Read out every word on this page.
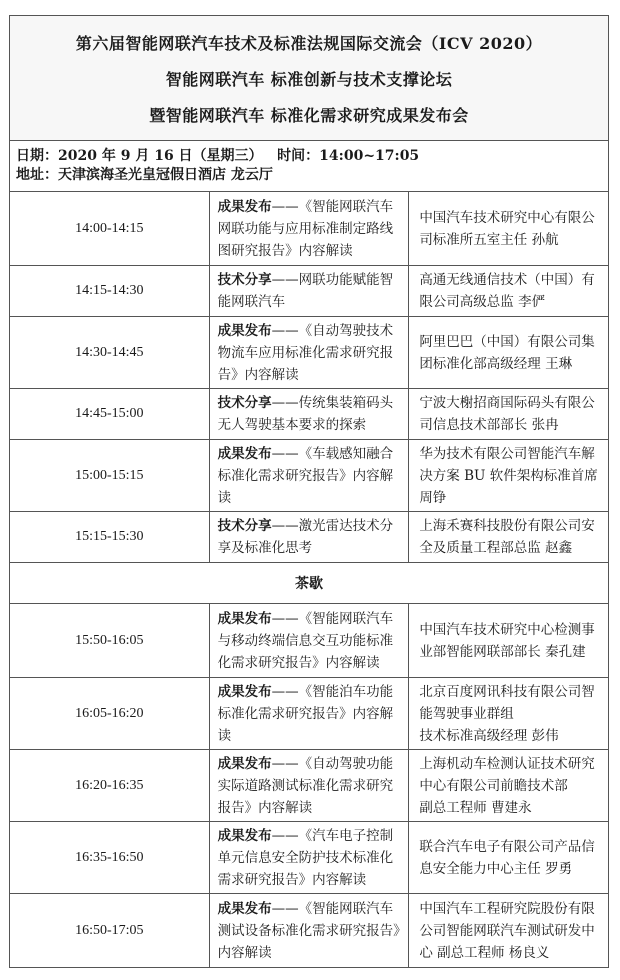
第六届智能网联汽车技术及标准法规国际交流会（ICV 2020）
智能网联汽车 标准创新与技术支撑论坛
暨智能网联汽车 标准化需求研究成果发布会		

日期：2020 年 9 月 16 日（星期三）   时间：14:00~17:05
地址：天津滨海圣光皇冠假日酒店 龙云厅		

14:00-14:15	成果发布——《智能网联汽车网联功能与应用标准制定路线图研究报告》内容解读	中国汽车技术研究中心有限公司标准所五室主任 孙航

14:15-14:30	技术分享——网联功能赋能智能网联汽车	高通无线通信技术（中国）有限公司高级总监 李俨

14:30-14:45	成果发布——《自动驾驶技术物流车应用标准化需求研究报告》内容解读	阿里巴巴（中国）有限公司集团标准化部高级经理 王琳

14:45-15:00	技术分享——传统集装箱码头无人驾驶基本要求的探索	宁波大榭招商国际码头有限公司信息技术部部长 张冉

15:00-15:15	成果发布——《车载感知融合标准化需求研究报告》内容解读	华为技术有限公司智能汽车解决方案 BU 软件架构标准首席
周铮

15:15-15:30	技术分享——激光雷达技术分享及标准化思考	上海禾赛科技股份有限公司安全及质量工程部总监 赵鑫

茶歇		
15:50-16:05	成果发布——《智能网联汽车与移动终端信息交互功能标准化需求研究报告》内容解读	中国汽车技术研究中心检测事业部智能网联部部长 秦孔建

16:05-16:20	成果发布——《智能泊车功能标准化需求研究报告》内容解读	北京百度网讯科技有限公司智能驾驶事业群组
技术标准高级经理 彭伟

16:20-16:35	成果发布——《自动驾驶功能实际道路测试标准化需求研究报告》内容解读	上海机动车检测认证技术研究中心有限公司前瞻技术部
副总工程师 曹建永

16:35-16:50	成果发布——《汽车电子控制单元信息安全防护技术标准化需求研究报告》内容解读	联合汽车电子有限公司产品信息安全能力中心主任 罗勇

16:50-17:05	成果发布——《智能网联汽车测试设备标准化需求研究报告》内容解读	中国汽车工程研究院股份有限公司智能网联汽车测试研发中心 副总工程师 杨良义
